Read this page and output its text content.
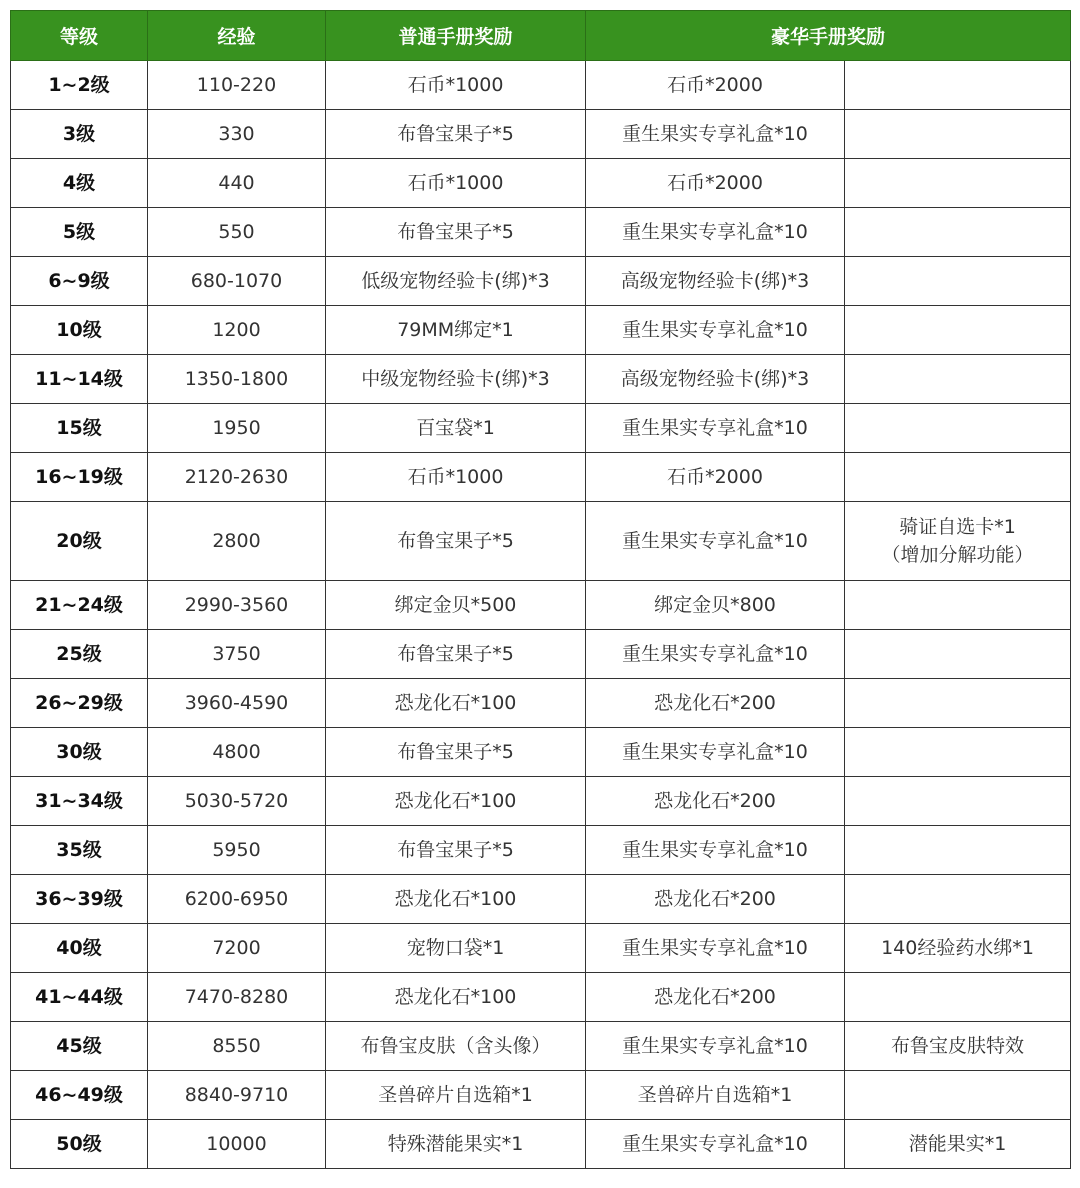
等级	经验	普通手册奖励	豪华手册奖励	
1~2级	110-220	石币*1000	石币*2000	
3级	330	布鲁宝果子*5	重生果实专享礼盒*10	
4级	440	石币*1000	石币*2000	
5级	550	布鲁宝果子*5	重生果实专享礼盒*10	
6~9级	680-1070	低级宠物经验卡(绑)*3	高级宠物经验卡(绑)*3	
10级	1200	79MM绑定*1	重生果实专享礼盒*10	
11~14级	1350-1800	中级宠物经验卡(绑)*3	高级宠物经验卡(绑)*3	
15级	1950	百宝袋*1	重生果实专享礼盒*10	
16~19级	2120-2630	石币*1000	石币*2000	
20级	2800	布鲁宝果子*5	重生果实专享礼盒*10	骑证自选卡*1
（增加分解功能）
21~24级	2990-3560	绑定金贝*500	绑定金贝*800	
25级	3750	布鲁宝果子*5	重生果实专享礼盒*10	
26~29级	3960-4590	恐龙化石*100	恐龙化石*200	
30级	4800	布鲁宝果子*5	重生果实专享礼盒*10	
31~34级	5030-5720	恐龙化石*100	恐龙化石*200	
35级	5950	布鲁宝果子*5	重生果实专享礼盒*10	
36~39级	6200-6950	恐龙化石*100	恐龙化石*200	
40级	7200	宠物口袋*1	重生果实专享礼盒*10	140经验药水绑*1
41~44级	7470-8280	恐龙化石*100	恐龙化石*200	
45级	8550	布鲁宝皮肤（含头像）	重生果实专享礼盒*10	布鲁宝皮肤特效
46~49级	8840-9710	圣兽碎片自选箱*1	圣兽碎片自选箱*1	
50级	10000	特殊潜能果实*1	重生果实专享礼盒*10	潜能果实*1
